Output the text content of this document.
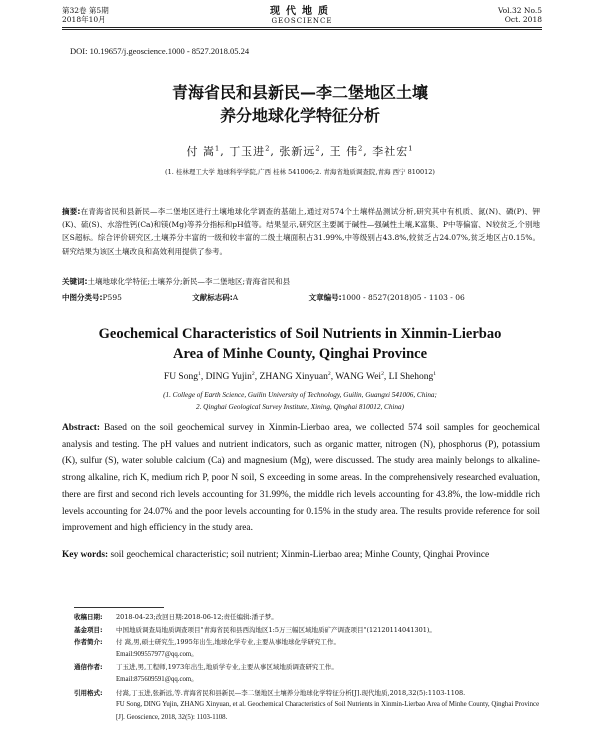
第32卷 第5期
2018年10月
现代地质
GEOSCIENCE
Vol.32 No.5
Oct. 2018
DOI: 10.19657/j.geoscience.1000 - 8527.2018.05.24
青海省民和县新民—李二堡地区土壤
养分地球化学特征分析
付 嵩$^1$, 丁玉进$^2$, 张新远$^2$, 王 伟$^2$, 李社宏$^1$
(1. 桂林理工大学 地球科学学院,广西 桂林 541006;2. 青海省地质调查院,青海 西宁 810012)
摘要:在青海省民和县新民—李二堡地区进行土壤地球化学调查的基础上,通过对574个土壤样品测试分析,研究其中有机质、氮(N)、磷(P)、钾(K)、硫(S)、水溶性钙(Ca)和镁(Mg)等养分指标和pH值等。结果显示,研究区主要属于碱性—强碱性土壤,K富集、P中等偏富、N较贫乏,个别地区S超标。综合评价研究区,土壤养分丰富的一级和较丰富的二级土壤面积占31.99%,中等级别占43.8%,较贫乏占24.07%,贫乏地区占0.15%。研究结果为该区土壤改良和高效利用提供了参考。
关键词:土壤地球化学特征;土壤养分;新民—李二堡地区;青海省民和县
中图分类号:P595	文献标志码:A	文章编号:1000 - 8527(2018)05 - 1103 - 06
Geochemical Characteristics of Soil Nutrients in Xinmin-Lierbao
Area of Minhe County, Qinghai Province
FU Song$^1$, DING Yujin$^2$, ZHANG Xinyuan$^2$, WANG Wei$^2$, LI Shehong$^1$
(1. College of Earth Science, Guilin University of Technology, Guilin, Guangxi 541006, China;
2. Qinghai Geological Survey Institute, Xining, Qinghai 810012, China)
Abstract: Based on the soil geochemical survey in Xinmin-Lierbao area, we collected 574 soil samples for geochemical analysis and testing. The pH values and nutrient indicators, such as organic matter, nitrogen (N), phosphorus (P), potassium (K), sulfur (S), water soluble calcium (Ca) and magnesium (Mg), were discussed. The study area mainly belongs to alkaline-strong alkaline, rich K, medium rich P, poor N soil, S exceeding in some areas. In the comprehensively researched evaluation, there are first and second rich levels accounting for 31.99%, the middle rich levels accounting for 43.8%, the low-middle rich levels accounting for 24.07% and the poor levels accounting for 0.15% in the study area. The results provide reference for soil improvement and high efficiency in the study area.
Key words: soil geochemical characteristic; soil nutrient; Xinmin-Lierbao area; Minhe County, Qinghai Province
收稿日期:	2018-04-23;改回日期:2018-06-12;责任编辑:潘子梦。
基金项目:	中国地质调查局地质调查项目"青海省民和县西沟地区1:5万三幅区域地质矿产调查项目"(12120114041301)。
作者简介:	付 嵩,男,硕士研究生,1995年出生,地球化学专业,主要从事地球化学研究工作。
Email:909557977@qq.com。
通信作者:	丁玉进,男,工程师,1973年出生,地质学专业,主要从事区域地质调查研究工作。
Email:875609591@qq.com。
引用格式:	付嵩,丁玉进,张新远,等.青海省民和县新民—李二堡地区土壤养分地球化学特征分析[J].现代地质,2018,32(5):1103-1108.
FU Song, DING Yujin, ZHANG Xinyuan, et al. Geochemical Characteristics of Soil Nutrients in Xinmin-Lierbao Area of Minhe County, Qinghai Province [J]. Geoscience, 2018, 32(5): 1103-1108.
